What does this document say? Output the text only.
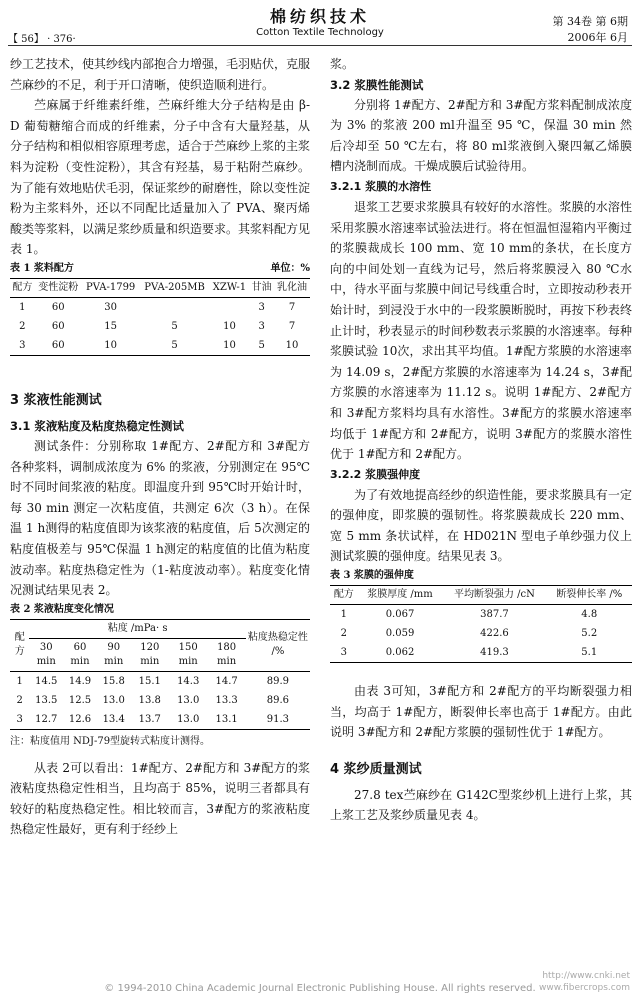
【 56】 · 376·
棉纺织技术
Cotton Textile Technology
第 34卷 第 6期
2006年 6月

纱工艺技术，使其纱线内部抱合力增强，毛羽贴伏，克服苎麻纱的不足，利于开口清晰，使织造顺利进行。

苎麻属于纤维素纤维，苎麻纤维大分子结构是由 β-D 葡萄糖缩合而成的纤维素，分子中含有大量羟基，从分子结构和相似相容原理考虑，适合于苎麻纱上浆的主浆料为淀粉（变性淀粉），其含有羟基，易于粘附苎麻纱。为了能有效地贴伏毛羽，保证浆纱的耐磨性，除以变性淀粉为主浆料外，还以不同配比适量加入了 PVA、聚丙烯酸类等浆料，以满足浆纱质量和织造要求。其浆料配方见表 1。

表 1 浆料配方	单位：%
配方	变性淀粉	PVA-1799	PVA-205MB	XZW-1	甘油	乳化油
1	60	30			3	7
2	60	15	5	10	3	7
3	60	10	5	10	5	10
3 浆液性能测试
3.1 浆液粘度及粘度热稳定性测试

测试条件：分别称取 1#配方、2#配方和 3#配方各种浆料，调制成浓度为 6% 的浆液，分别测定在 95℃时不同时间浆液的粘度。即温度升到 95℃时开始计时，每 30 min 测定一次粘度值，共测定 6次（3 h）。在保温 1 h测得的粘度值即为该浆液的粘度值，后 5次测定的粘度值极差与 95℃保温 1 h测定的粘度值的比值为粘度波动率。粘度热稳定性为（1-粘度波动率）。粘度变化情况测试结果见表 2。

表 2 浆液粘度变化情况
配方	粘度 /mPa· s						粘度热稳定性 /%
	30 min	60 min	90 min	120 min	150 min	180 min	
1	14.5	14.9	15.8	15.1	14.3	14.7	89.9
2	13.5	12.5	13.0	13.8	13.0	13.3	89.6
3	12.7	12.6	13.4	13.7	13.0	13.1	91.3
注：粘度值用 NDJ-79型旋转式粘度计测得。

从表 2可以看出：1#配方、2#配方和 3#配方的浆液粘度热稳定性相当，且均高于 85%，说明三者都具有较好的粘度热稳定性。相比较而言，3#配方的浆液粘度热稳定性最好，更有利于经纱上

浆。

3.2 浆膜性能测试

分别将 1#配方、2#配方和 3#配方浆料配制成浓度为 3% 的浆液 200 ml升温至 95 ℃，保温 30 min 然后冷却至 50 ℃左右，将 80 ml浆液倒入聚四氟乙烯膜槽内浇制而成。干燥成膜后试验待用。

3.2.1 浆膜的水溶性

退浆工艺要求浆膜具有较好的水溶性。浆膜的水溶性采用浆膜水溶速率试验法进行。将在恒温恒湿箱内平衡过的浆膜裁成长 100 mm、宽 10 mm的条状，在长度方向的中间处划一直线为记号，然后将浆膜浸入 80 ℃水中，待水平面与浆膜中间记号线重合时，立即按动秒表开始计时，到浸没于水中的一段浆膜断脱时，再按下秒表终止计时，秒表显示的时间秒数表示浆膜的水溶速率。每种浆膜试验 10次，求出其平均值。1#配方浆膜的水溶速率为 14.09 s，2#配方浆膜的水溶速率为 14.24 s，3#配方浆膜的水溶速率为 11.12 s。说明 1#配方、2#配方和 3#配方浆料均具有水溶性。3#配方的浆膜水溶速率均低于 1#配方和 2#配方，说明 3#配方的浆膜水溶性优于 1#配方和 2#配方。

3.2.2 浆膜强伸度

为了有效地提高经纱的织造性能，要求浆膜具有一定的强伸度，即浆膜的强韧性。将浆膜裁成长 220 mm、宽 5 mm 条状试样，在 HD021N 型电子单纱强力仪上测试浆膜的强伸度。结果见表 3。

表 3 浆膜的强伸度
配方	浆膜厚度 /mm	平均断裂强力 /cN	断裂伸长率 /%
1	0.067	387.7	4.8
2	0.059	422.6	5.2
3	0.062	419.3	5.1

由表 3可知，3#配方和 2#配方的平均断裂强力相当，均高于 1#配方，断裂伸长率也高于 1#配方。由此说明 3#配方和 2#配方浆膜的强韧性优于 1#配方。

4 浆纱质量测试

27.8 tex苎麻纱在 G142C型浆纱机上进行上浆，其上浆工艺及浆纱质量见表 4。

http://www.cnki.net
www.fibercrops.com
© 1994-2010 China Academic Journal Electronic Publishing House. All rights reserved.
